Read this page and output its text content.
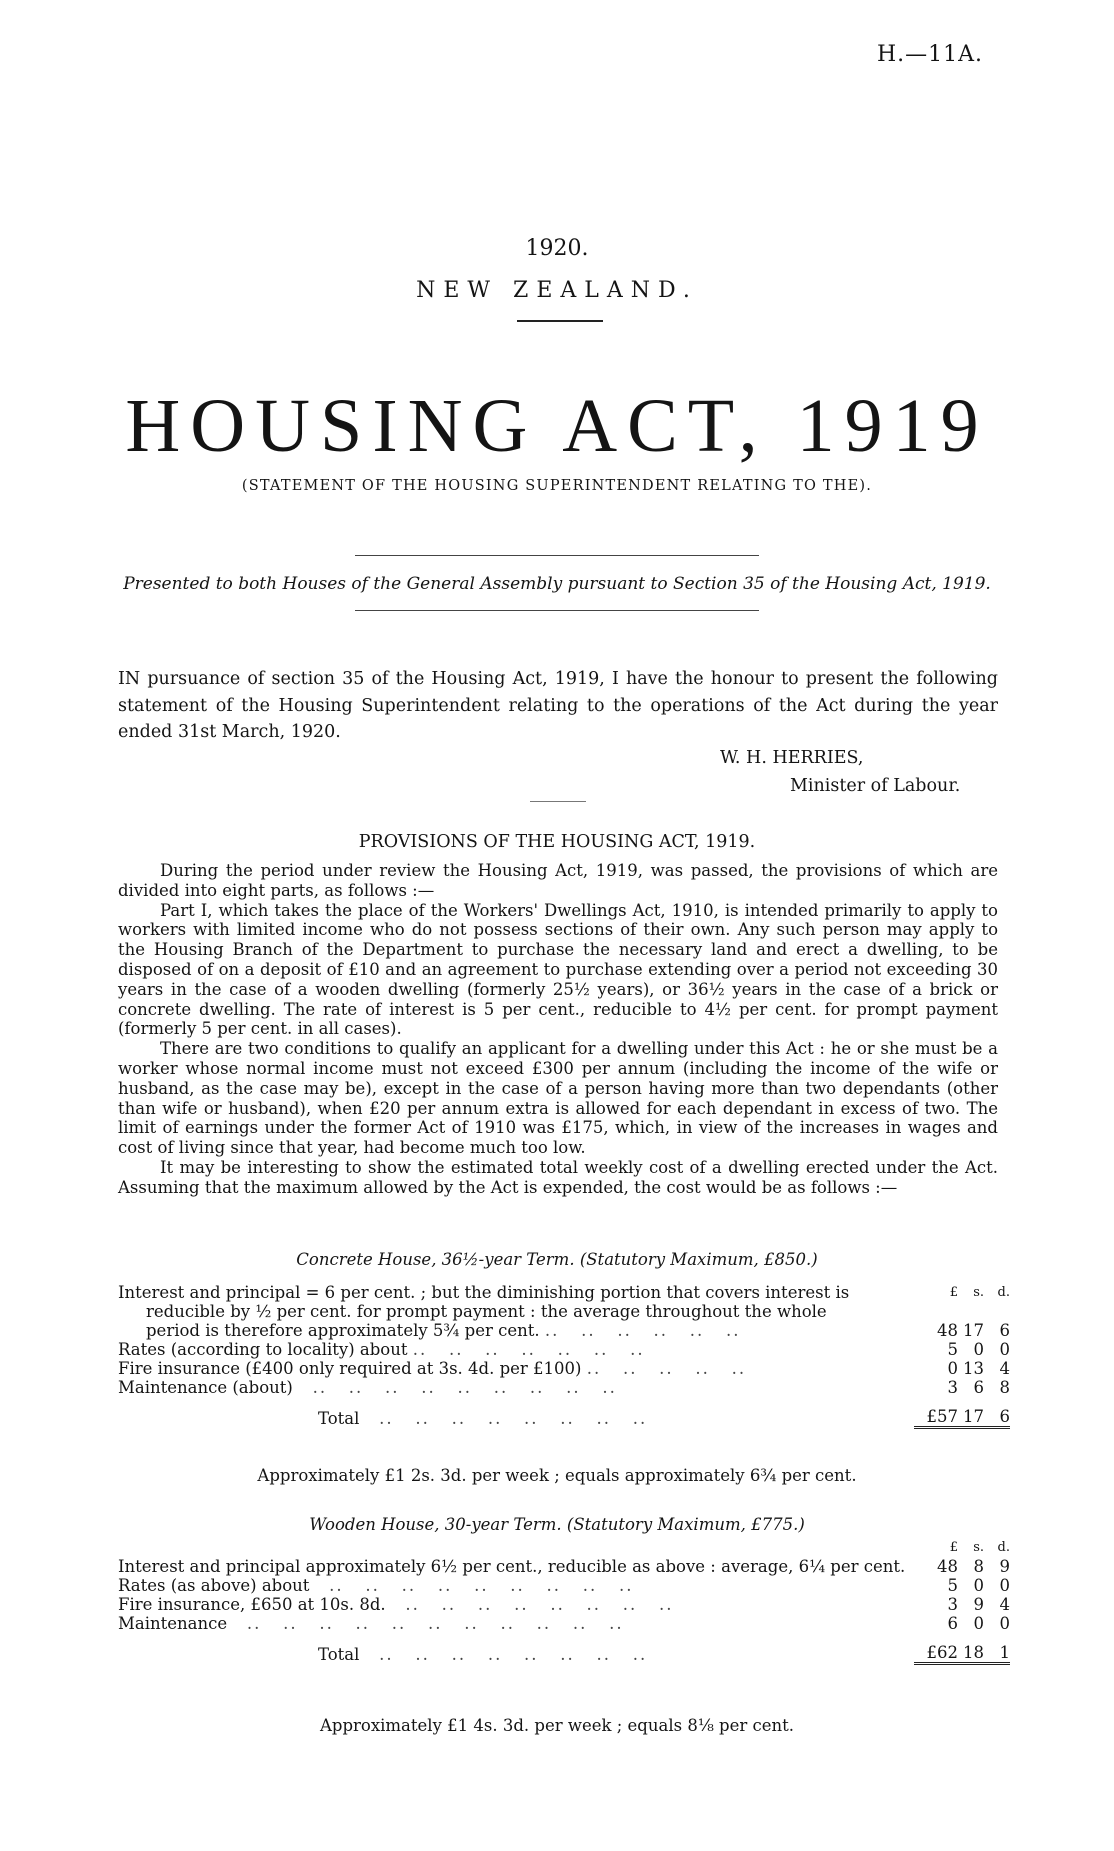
H.—11A.
1920.
NEW ZEALAND.
HOUSING ACT, 1919
(STATEMENT OF THE HOUSING SUPERINTENDENT RELATING TO THE).
Presented to both Houses of the General Assembly pursuant to Section 35 of the Housing Act, 1919.
IN pursuance of section 35 of the Housing Act, 1919, I have the honour to present the following statement of the Housing Superintendent relating to the operations of the Act during the year ended 31st March, 1920.
W. H. HERRIES,
Minister of Labour.
PROVISIONS OF THE HOUSING ACT, 1919.

During the period under review the Housing Act, 1919, was passed, the provisions of which are divided into eight parts, as follows :—

Part I, which takes the place of the Workers' Dwellings Act, 1910, is intended primarily to apply to workers with limited income who do not possess sections of their own. Any such person may apply to the Housing Branch of the Department to purchase the necessary land and erect a dwelling, to be disposed of on a deposit of £10 and an agreement to purchase extending over a period not exceeding 30 years in the case of a wooden dwelling (formerly 25½ years), or 36½ years in the case of a brick or concrete dwelling. The rate of interest is 5 per cent., reducible to 4½ per cent. for prompt payment (formerly 5 per cent. in all cases).

There are two conditions to qualify an applicant for a dwelling under this Act : he or she must be a worker whose normal income must not exceed £300 per annum (including the income of the wife or husband, as the case may be), except in the case of a person having more than two dependants (other than wife or husband), when £20 per annum extra is allowed for each dependant in excess of two. The limit of earnings under the former Act of 1910 was £175, which, in view of the increases in wages and cost of living since that year, had become much too low.

It may be interesting to show the estimated total weekly cost of a dwelling erected under the Act. Assuming that the maximum allowed by the Act is expended, the cost would be as follows :—

Concrete House, 36½-year Term. (Statutory Maximum, £850.)
Interest and principal = 6 per cent. ; but the diminishing portion that covers interest is	£	s.	d.
reducible by ½ per cent. for prompt payment : the average throughout the whole			
period is therefore approximately 5¾ per cent. ..   ..   ..   ..   ..   ..	48	17	6
Rates (according to locality) about ..   ..   ..   ..   ..   ..   ..	5	0	0
Fire insurance (£400 only required at 3s. 4d. per £100) ..   ..   ..   ..   ..	0	13	4
Maintenance (about)   ..   ..   ..   ..   ..   ..   ..   ..   ..	3	6	8
Total   ..   ..   ..   ..   ..   ..   ..   ..	£57	17	6
Approximately £1 2s. 3d. per week ; equals approximately 6¾ per cent.
Wooden House, 30-year Term. (Statutory Maximum, £775.)
	£	s.	d.
Interest and principal approximately 6½ per cent., reducible as above : average, 6¼ per cent.	48	8	9
Rates (as above) about   ..   ..   ..   ..   ..   ..   ..   ..   ..	5	0	0
Fire insurance, £650 at 10s. 8d.   ..   ..   ..   ..   ..   ..   ..   ..	3	9	4
Maintenance   ..   ..   ..   ..   ..   ..   ..   ..   ..   ..   ..	6	0	0
Total   ..   ..   ..   ..   ..   ..   ..   ..	£62	18	1
Approximately £1 4s. 3d. per week ; equals 8⅛ per cent.
